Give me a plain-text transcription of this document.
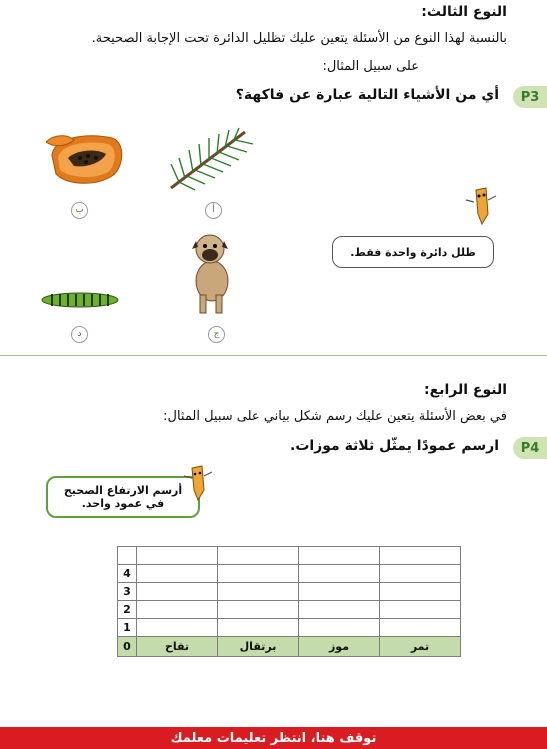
النوع الثالث:
بالنسبة لهذا النوع من الأسئلة يتعين عليك تظليل الدائرة تحت الإجابة الصحيحة.
على سبيل المثال:
P3
أي من الأشياء التالية عبارة عن فاكهة؟
ب	أ
ظلل دائرة واحدة فقط.
د	ج
النوع الرابع:
في بعض الأسئلة يتعين عليك رسم شكل بياني على سبيل المثال:
P4
ارسم عمودًا يمثّل ثلاثة موزات.
أرسم الارتفاع الصحيح
في عمود واحد.

4				
3				
2				
1				
0	تفاح	برتقال	موز	تمر
توقف هنا، انتظر تعليمات معلمك
